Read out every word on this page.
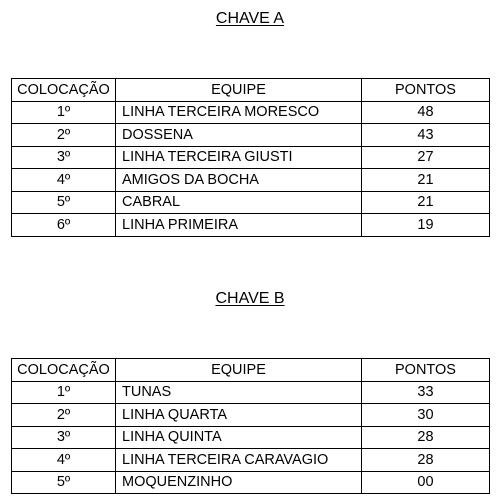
CHAVE A
COLOCAÇÃO	EQUIPE	PONTOS
1º	LINHA TERCEIRA MORESCO	48
2º	DOSSENA	43
3º	LINHA TERCEIRA GIUSTI	27
4º	AMIGOS DA BOCHA	21
5º	CABRAL	21
6º	LINHA PRIMEIRA	19
CHAVE B
COLOCAÇÃO	EQUIPE	PONTOS
1º	TUNAS	33
2º	LINHA QUARTA	30
3º	LINHA QUINTA	28
4º	LINHA TERCEIRA CARAVAGIO	28
5º	MOQUENZINHO	00
